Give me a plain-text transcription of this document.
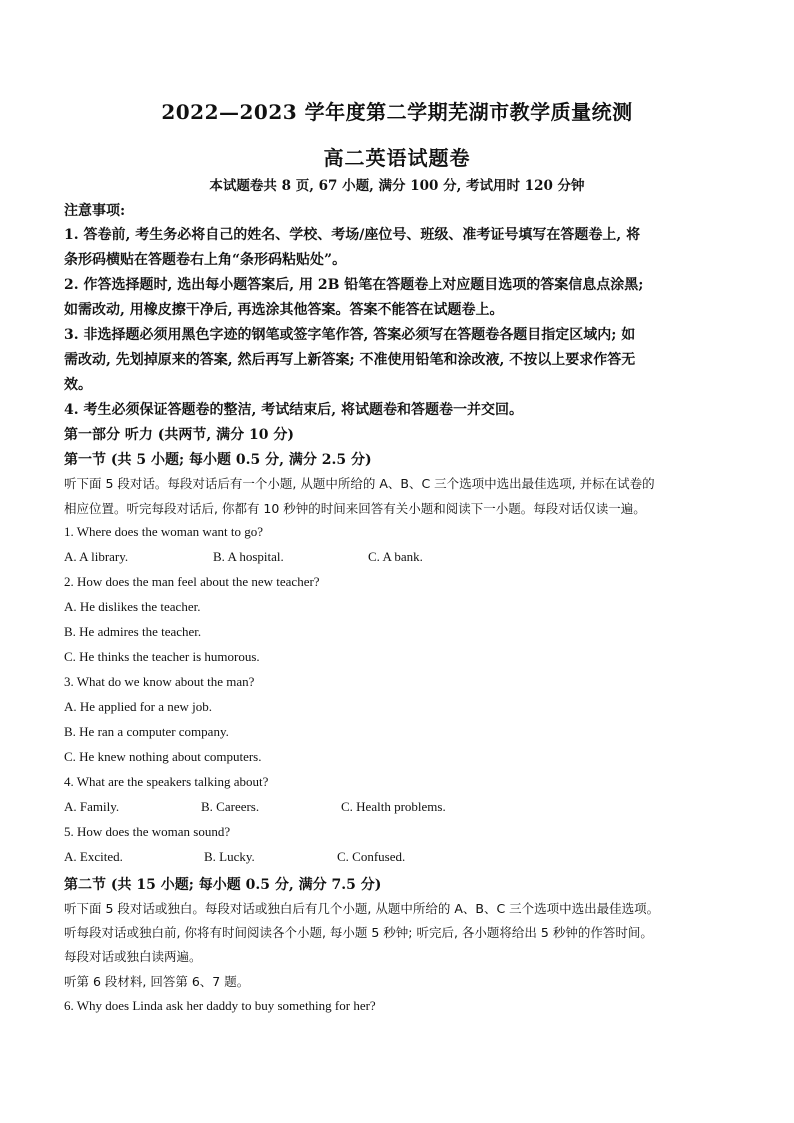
2022—2023 学年度第二学期芜湖市教学质量统测
高二英语试题卷
本试题卷共 8 页, 67 小题, 满分 100 分, 考试用时 120 分钟
注意事项:
1. 答卷前, 考生务必将自己的姓名、学校、考场/座位号、班级、准考证号填写在答题卷上, 将
条形码横贴在答题卷右上角“条形码粘贴处”。
2. 作答选择题时, 选出每小题答案后, 用 2B 铅笔在答题卷上对应题目选项的答案信息点涂黑;
如需改动, 用橡皮擦干净后, 再选涂其他答案。答案不能答在试题卷上。
3. 非选择题必须用黑色字迹的钢笔或签字笔作答, 答案必须写在答题卷各题目指定区域内; 如
需改动, 先划掉原来的答案, 然后再写上新答案; 不准使用铅笔和涂改液, 不按以上要求作答无
效。
4. 考生必须保证答题卷的整洁, 考试结束后, 将试题卷和答题卷一并交回。
第一部分 听力 (共两节, 满分 10 分)
第一节 (共 5 小题; 每小题 0.5 分, 满分 2.5 分)
听下面 5 段对话。每段对话后有一个小题, 从题中所给的 A、B、C 三个选项中选出最佳选项, 并标在试卷的
相应位置。听完每段对话后, 你都有 10 秒钟的时间来回答有关小题和阅读下一小题。每段对话仅读一遍。
1. Where does the woman want to go?
A. A library.	B. A hospital.	C. A bank.
2. How does the man feel about the new teacher?
A. He dislikes the teacher.
B. He admires the teacher.
C. He thinks the teacher is humorous.
3. What do we know about the man?
A. He applied for a new job.
B. He ran a computer company.
C. He knew nothing about computers.
4. What are the speakers talking about?
A. Family.	B. Careers.	C. Health problems.
5. How does the woman sound?
A. Excited.	B. Lucky.	C. Confused.
第二节 (共 15 小题; 每小题 0.5 分, 满分 7.5 分)
听下面 5 段对话或独白。每段对话或独白后有几个小题, 从题中所给的 A、B、C 三个选项中选出最佳选项。
听每段对话或独白前, 你将有时间阅读各个小题, 每小题 5 秒钟; 听完后, 各小题将给出 5 秒钟的作答时间。
每段对话或独白读两遍。
听第 6 段材料, 回答第 6、7 题。
6. Why does Linda ask her daddy to buy something for her?
